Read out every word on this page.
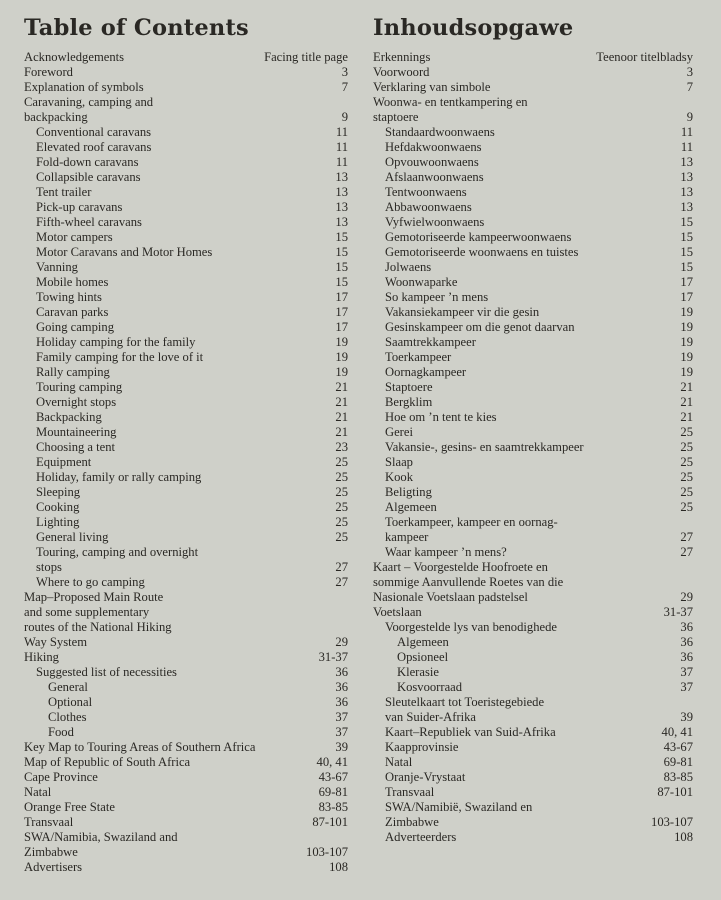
Table of Contents
Acknowledgements	Facing title page
Foreword	3
Explanation of symbols	7
Caravaning, camping and
backpacking	9
Conventional caravans	11
Elevated roof caravans	11
Fold-down caravans	11
Collapsible caravans	13
Tent trailer	13
Pick-up caravans	13
Fifth-wheel caravans	13
Motor campers	15
Motor Caravans and Motor Homes	15
Vanning	15
Mobile homes	15
Towing hints	17
Caravan parks	17
Going camping	17
Holiday camping for the family	19
Family camping for the love of it	19
Rally camping	19
Touring camping	21
Overnight stops	21
Backpacking	21
Mountaineering	21
Choosing a tent	23
Equipment	25
Holiday, family or rally camping	25
Sleeping	25
Cooking	25
Lighting	25
General living	25
Touring, camping and overnight
stops	27
Where to go camping	27
Map–Proposed Main Route
and some supplementary
routes of the National Hiking
Way System	29
Hiking	31-37
Suggested list of necessities	36
General	36
Optional	36
Clothes	37
Food	37
Key Map to Touring Areas of Southern Africa	39
Map of Republic of South Africa	40, 41
Cape Province	43-67
Natal	69-81
Orange Free State	83-85
Transvaal	87-101
SWA/Namibia, Swaziland and
Zimbabwe	103-107
Advertisers	108
Inhoudsopgawe
Erkennings	Teenoor titelbladsy
Voorwoord	3
Verklaring van simbole	7
Woonwa- en tentkampering en
staptoere	9
Standaardwoonwaens	11
Hefdakwoonwaens	11
Opvouwoonwaens	13
Afslaanwoonwaens	13
Tentwoonwaens	13
Abbawoonwaens	13
Vyfwielwoonwaens	15
Gemotoriseerde kampeerwoonwaens	15
Gemotoriseerde woonwaens en tuistes	15
Jolwaens	15
Woonwaparke	17
So kampeer ’n mens	17
Vakansiekampeer vir die gesin	19
Gesinskampeer om die genot daarvan	19
Saamtrekkampeer	19
Toerkampeer	19
Oornagkampeer	19
Staptoere	21
Bergklim	21
Hoe om ’n tent te kies	21
Gerei	25
Vakansie-, gesins- en saamtrekkampeer	25
Slaap	25
Kook	25
Beligting	25
Algemeen	25
Toerkampeer, kampeer en oornag-
kampeer	27
Waar kampeer ’n mens?	27
Kaart – Voorgestelde Hoofroete en
sommige Aanvullende Roetes van die
Nasionale Voetslaan padstelsel	29
Voetslaan	31-37
Voorgestelde lys van benodighede	36
Algemeen	36
Opsioneel	36
Klerasie	37
Kosvoorraad	37
Sleutelkaart tot Toeristegebiede
van Suider-Afrika	39
Kaart–Republiek van Suid-Afrika	40, 41
Kaapprovinsie	43-67
Natal	69-81
Oranje-Vrystaat	83-85
Transvaal	87-101
SWA/Namibië, Swaziland en
Zimbabwe	103-107
Adverteerders	108
